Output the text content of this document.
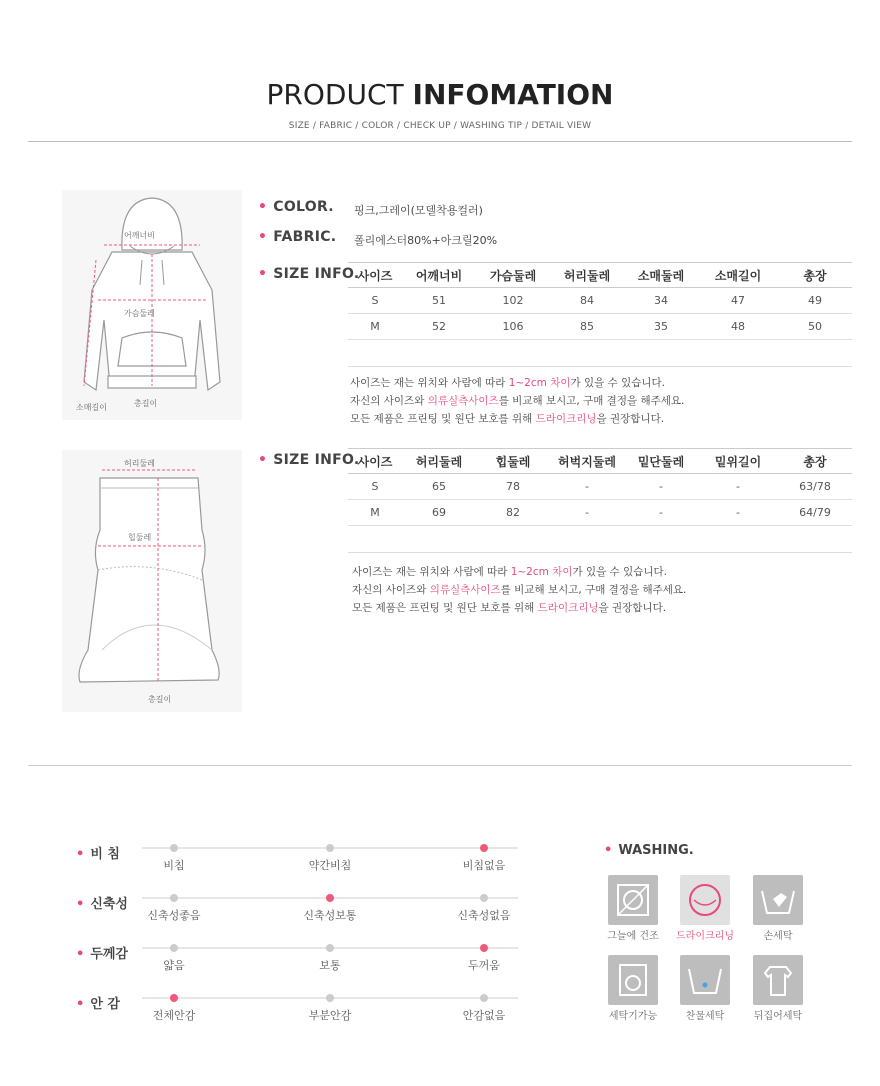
PRODUCT INFOMATION
SIZE / FABRIC / COLOR / CHECK UP / WASHING TIP / DETAIL VIEW
어깨너비
가슴둘레
소매길이	총길이
• COLOR. 핑크,그레이(모델착용컬러)
• FABRIC. 폴리에스터80%+아크릴20%
• SIZE INFO.
사이즈	어깨너비	가슴둘레	허리둘레	소매둘레	소매길이	총장
S	51	102	84	34	47	49
M	52	106	85	35	48	50
사이즈는 재는 위치와 사람에 따라 1~2cm 차이가 있을 수 있습니다.
자신의 사이즈와 의류실측사이즈를 비교해 보시고, 구매 결정을 해주세요.
모든 제품은 프린팅 및 원단 보호를 위해 드라이크리닝을 권장합니다.
허리둘레
힙둘레
총길이
• SIZE INFO.
사이즈	허리둘레	힙둘레	허벅지둘레	밑단둘레	밑위길이	총장
S	65	78	-	-	-	63/78
M	69	82	-	-	-	64/79
사이즈는 재는 위치와 사람에 따라 1~2cm 차이가 있을 수 있습니다.
자신의 사이즈와 의류실측사이즈를 비교해 보시고, 구매 결정을 해주세요.
모든 제품은 프린팅 및 원단 보호를 위해 드라이크리닝을 권장합니다.
• 비 침
비침	약간비침	비침없음
• 신축성
신축성좋음	신축성보통	신축성없음
• 두께감
얇음	보통	두꺼움
• 안 감
전체안감	부분안감	안감없음
• WASHING.
그늘에 건조	드라이크리닝	손세탁
세탁기가능	찬물세탁	뒤집어세탁
